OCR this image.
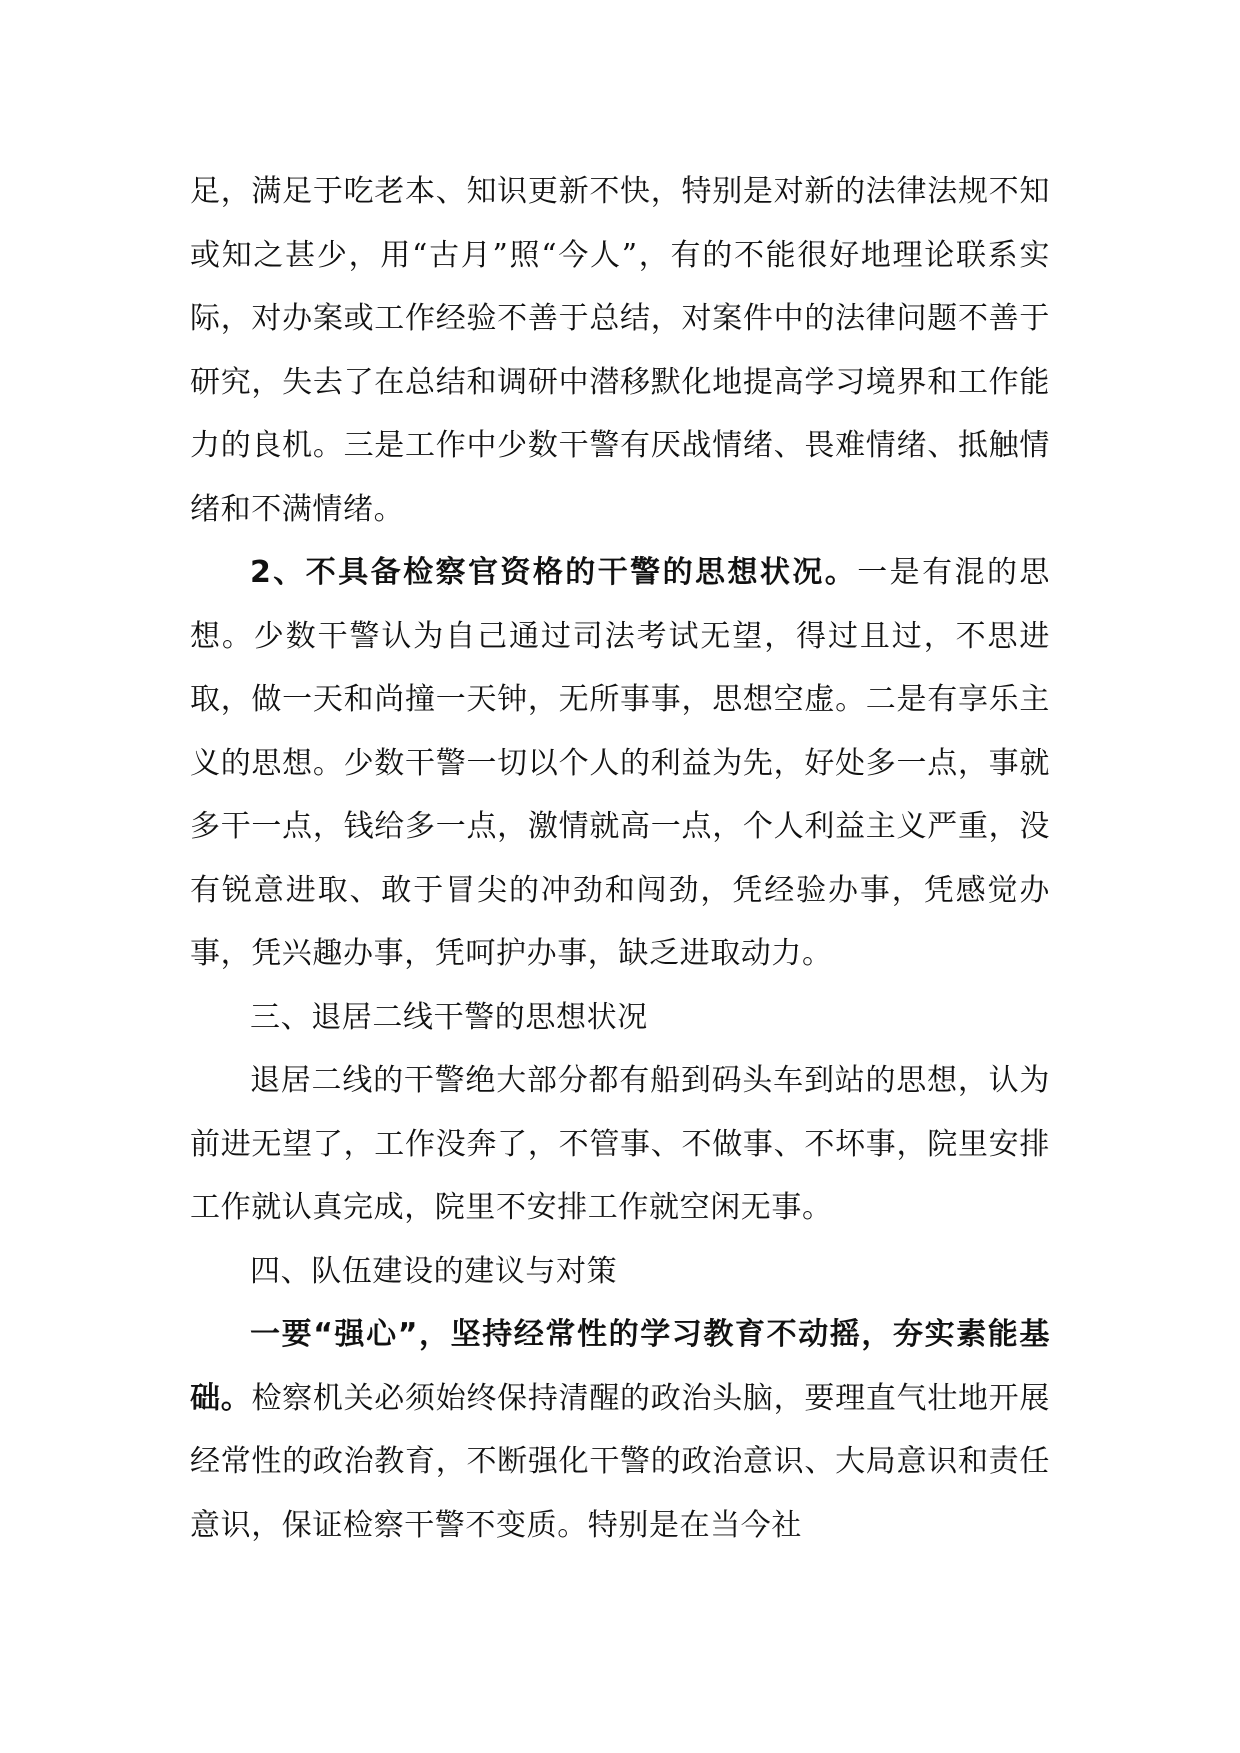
足，满足于吃老本、知识更新不快，特别是对新的法律法规不知或知之甚少，用“古月”照“今人”，有的不能很好地理论联系实际，对办案或工作经验不善于总结，对案件中的法律问题不善于研究，失去了在总结和调研中潜移默化地提高学习境界和工作能力的良机。三是工作中少数干警有厌战情绪、畏难情绪、抵触情绪和不满情绪。

2、不具备检察官资格的干警的思想状况。一是有混的思想。少数干警认为自己通过司法考试无望，得过且过，不思进取，做一天和尚撞一天钟，无所事事，思想空虚。二是有享乐主义的思想。少数干警一切以个人的利益为先，好处多一点，事就多干一点，钱给多一点，激情就高一点，个人利益主义严重，没有锐意进取、敢于冒尖的冲劲和闯劲，凭经验办事，凭感觉办事，凭兴趣办事，凭呵护办事，缺乏进取动力。

三、退居二线干警的思想状况

退居二线的干警绝大部分都有船到码头车到站的思想，认为前进无望了，工作没奔了，不管事、不做事、不坏事，院里安排工作就认真完成，院里不安排工作就空闲无事。

四、队伍建设的建议与对策

一要“强心”，坚持经常性的学习教育不动摇，夯实素能基础。检察机关必须始终保持清醒的政治头脑，要理直气壮地开展经常性的政治教育，不断强化干警的政治意识、大局意识和责任意识，保证检察干警不变质。特别是在当今社
